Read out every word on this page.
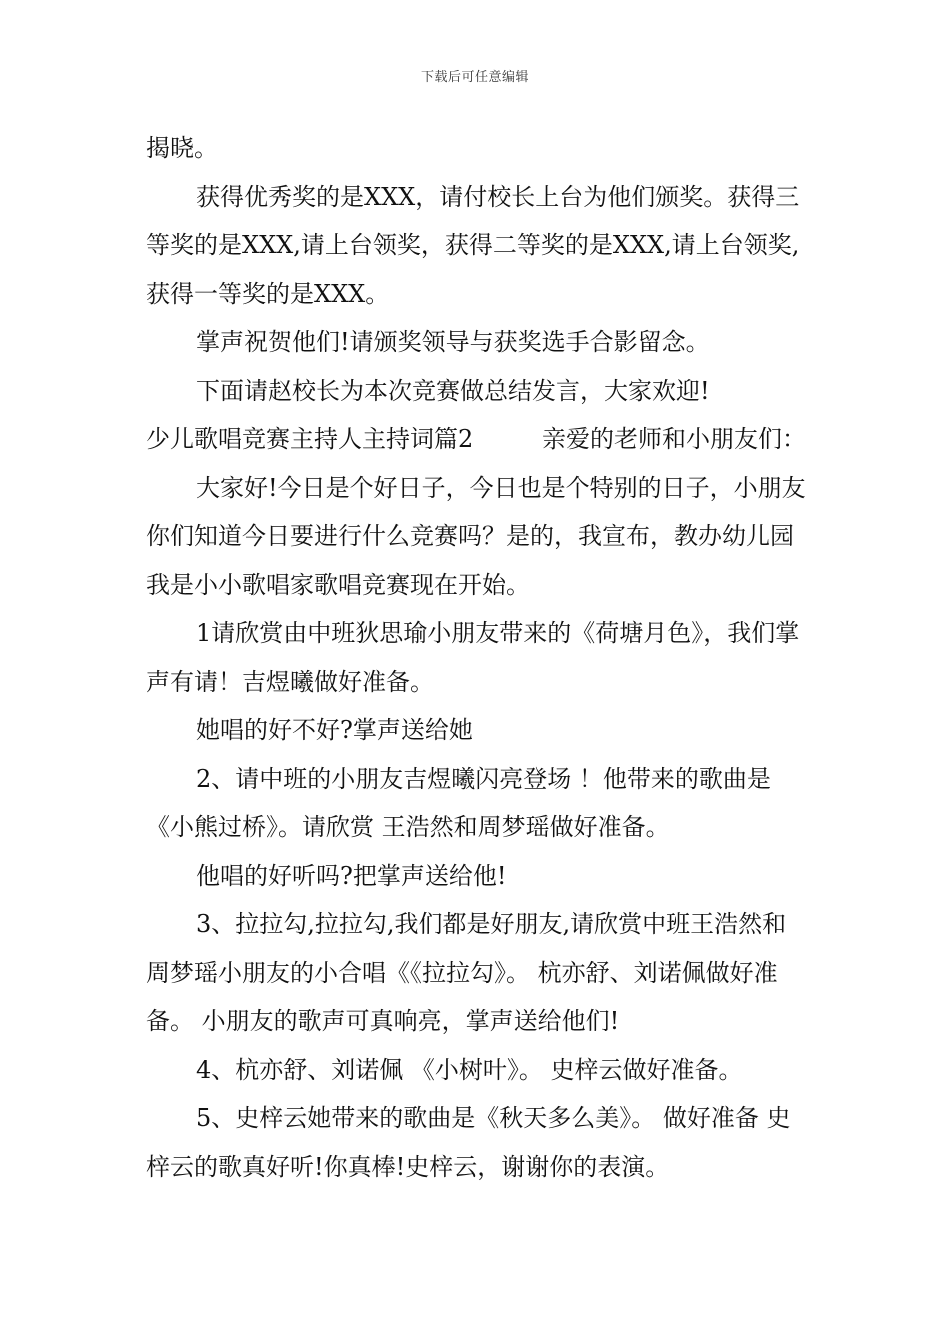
下载后可任意编辑

揭晓。

获得优秀奖的是XXX，请付校长上台为他们颁奖。获得三等奖的是XXX,请上台领奖，获得二等奖的是XXX,请上台领奖,获得一等奖的是XXX。

掌声祝贺他们!请颁奖领导与获奖选手合影留念。

下面请赵校长为本次竞赛做总结发言，大家欢迎!

少儿歌唱竞赛主持人主持词篇2	亲爱的老师和小朋友们：

大家好!今日是个好日子，今日也是个特别的日子，小朋友你们知道今日要进行什么竞赛吗？是的，我宣布，教办幼儿园我是小小歌唱家歌唱竞赛现在开始。

1请欣赏由中班狄思瑜小朋友带来的《荷塘月色》，我们掌声有请！吉煜曦做好准备。

她唱的好不好?掌声送给她

2、请中班的小朋友吉煜曦闪亮登场 ！他带来的歌曲是《小熊过桥》。请欣赏 王浩然和周梦瑶做好准备。

他唱的好听吗?把掌声送给他!

3、拉拉勾,拉拉勾,我们都是好朋友,请欣赏中班王浩然和周梦瑶小朋友的小合唱《《拉拉勾》。 杭亦舒、刘诺佩做好准备。 小朋友的歌声可真响亮，掌声送给他们!

4、杭亦舒、刘诺佩 《小树叶》。 史梓云做好准备。

5、史梓云她带来的歌曲是《秋天多么美》。 做好准备 史梓云的歌真好听!你真棒!史梓云，谢谢你的表演。
